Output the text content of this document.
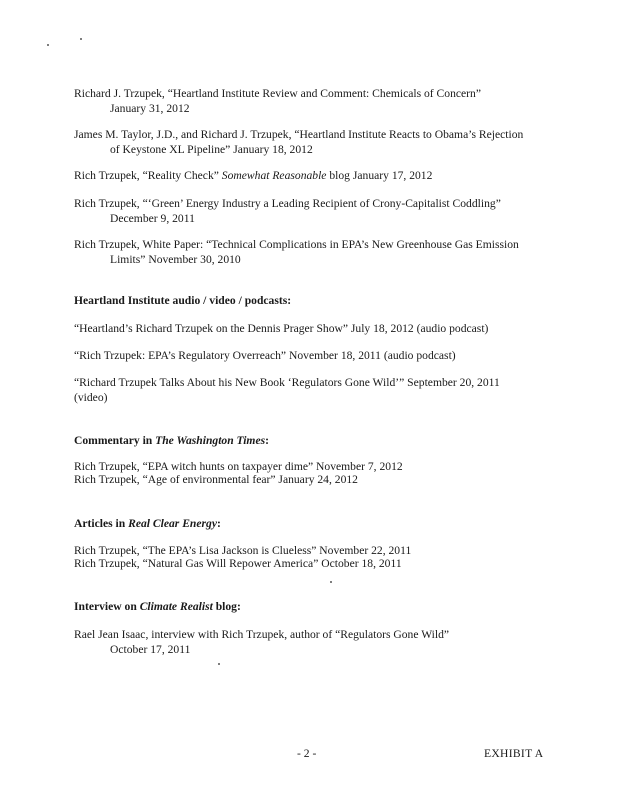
Richard J. Trzupek, “Heartland Institute Review and Comment: Chemicals of Concern”
January 31, 2012
James M. Taylor, J.D., and Richard J. Trzupek, “Heartland Institute Reacts to Obama’s Rejection
of Keystone XL Pipeline” January 18, 2012
Rich Trzupek, “Reality Check” Somewhat Reasonable blog January 17, 2012
Rich Trzupek, “‘Green’ Energy Industry a Leading Recipient of Crony-Capitalist Coddling”
December 9, 2011
Rich Trzupek, White Paper: “Technical Complications in EPA’s New Greenhouse Gas Emission
Limits” November 30, 2010
Heartland Institute audio / video / podcasts:
“Heartland’s Richard Trzupek on the Dennis Prager Show” July 18, 2012 (audio podcast)
“Rich Trzupek: EPA’s Regulatory Overreach” November 18, 2011 (audio podcast)
“Richard Trzupek Talks About his New Book ‘Regulators Gone Wild’” September 20, 2011
(video)
Commentary in The Washington Times:
Rich Trzupek, “EPA witch hunts on taxpayer dime” November 7, 2012
Rich Trzupek, “Age of environmental fear” January 24, 2012
Articles in Real Clear Energy:
Rich Trzupek, “The EPA’s Lisa Jackson is Clueless” November 22, 2011
Rich Trzupek, “Natural Gas Will Repower America” October 18, 2011
Interview on Climate Realist blog:
Rael Jean Isaac, interview with Rich Trzupek, author of “Regulators Gone Wild”
October 17, 2011
- 2 -	EXHIBIT A
